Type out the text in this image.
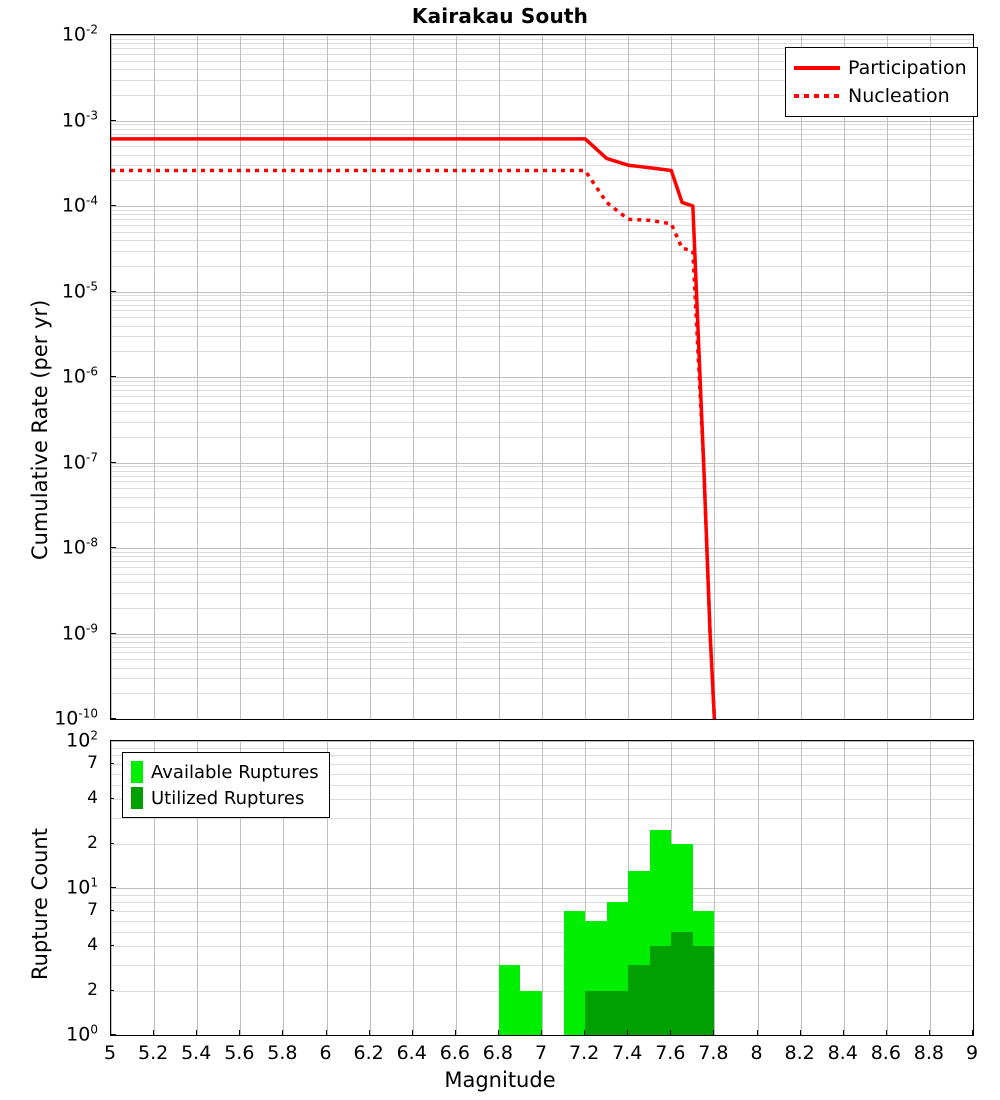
Kairakau South
$10^{-2}$
$10^{-3}$
$10^{-4}$
$10^{-5}$
$10^{-6}$
$10^{-7}$
$10^{-8}$
$10^{-9}$
$10^{-10}$
Cumulative Rate (per yr)
Participation
Nucleation
$10^2$
7
4
2
$10^1$
7
4
2
$10^0$
Rupture Count
Available Ruptures
Utilized Ruptures
5 5.2 5.4 5.6 5.8 6 6.2 6.4 6.6 6.8 7 7.2 7.4 7.6 7.8 8 8.2 8.4 8.6 8.8 9
Magnitude
